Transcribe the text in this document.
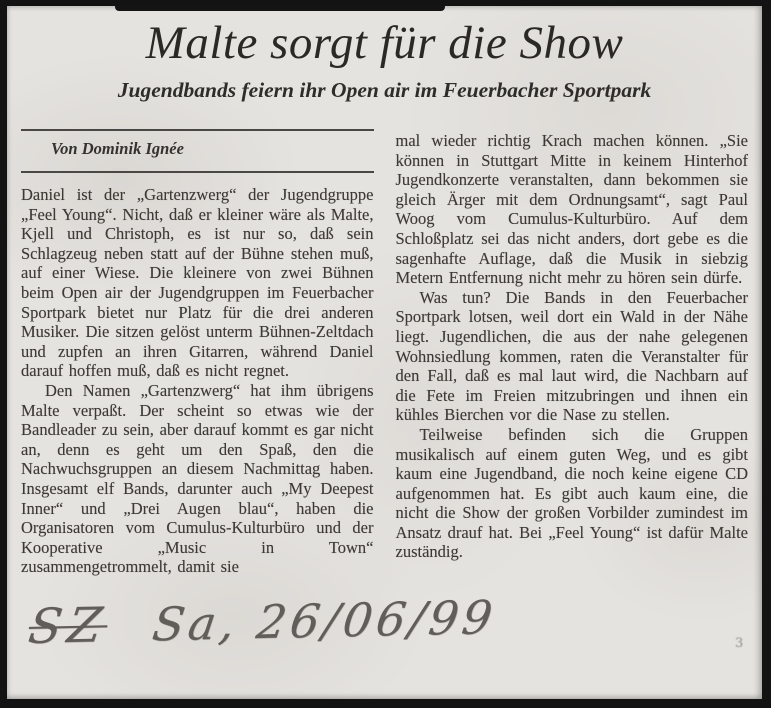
Malte sorgt für die Show
Jugendbands feiern ihr Open air im Feuerbacher Sportpark

Von Dominik Ignée

Daniel ist der „Gartenzwerg“ der Jugendgruppe „Feel Young“. Nicht, daß er kleiner wäre als Malte, Kjell und Christoph, es ist nur so, daß sein Schlagzeug neben statt auf der Bühne stehen muß, auf einer Wiese. Die kleinere von zwei Bühnen beim Open air der Jugendgruppen im Feuerbacher Sportpark bietet nur Platz für die drei anderen Musiker. Die sitzen gelöst unterm Bühnen-Zeltdach und zupfen an ihren Gitarren, während Daniel darauf hoffen muß, daß es nicht regnet.

Den Namen „Gartenzwerg“ hat ihm übrigens Malte verpaßt. Der scheint so etwas wie der Bandleader zu sein, aber darauf kommt es gar nicht an, denn es geht um den Spaß, den die Nachwuchsgruppen an diesem Nachmittag haben. Insgesamt elf Bands, darunter auch „My Deepest Inner“ und „Drei Augen blau“, haben die Organisatoren vom Cumulus-Kulturbüro und der Kooperative „Music in Town“ zusammengetrommelt, damit sie

mal wieder richtig Krach machen können. „Sie können in Stuttgart Mitte in keinem Hinterhof Jugendkonzerte veranstalten, dann bekommen sie gleich Ärger mit dem Ordnungsamt“, sagt Paul Woog vom Cumulus-Kulturbüro. Auf dem Schloßplatz sei das nicht anders, dort gebe es die sagenhafte Auflage, daß die Musik in siebzig Metern Entfernung nicht mehr zu hören sein dürfe.

Was tun? Die Bands in den Feuerbacher Sportpark lotsen, weil dort ein Wald in der Nähe liegt. Jugendlichen, die aus der nahe gelegenen Wohnsiedlung kommen, raten die Veranstalter für den Fall, daß es mal laut wird, die Nachbarn auf die Fete im Freien mitzubringen und ihnen ein kühles Bierchen vor die Nase zu stellen.

Teilweise befinden sich die Gruppen musikalisch auf einem guten Weg, und es gibt kaum eine Jugendband, die noch keine eigene CD aufgenommen hat. Es gibt auch kaum eine, die nicht die Show der großen Vorbilder zumindest im Ansatz drauf hat. Bei „Feel Young“ ist dafür Malte zuständig.

SZ Sa, 26/06/99	3
